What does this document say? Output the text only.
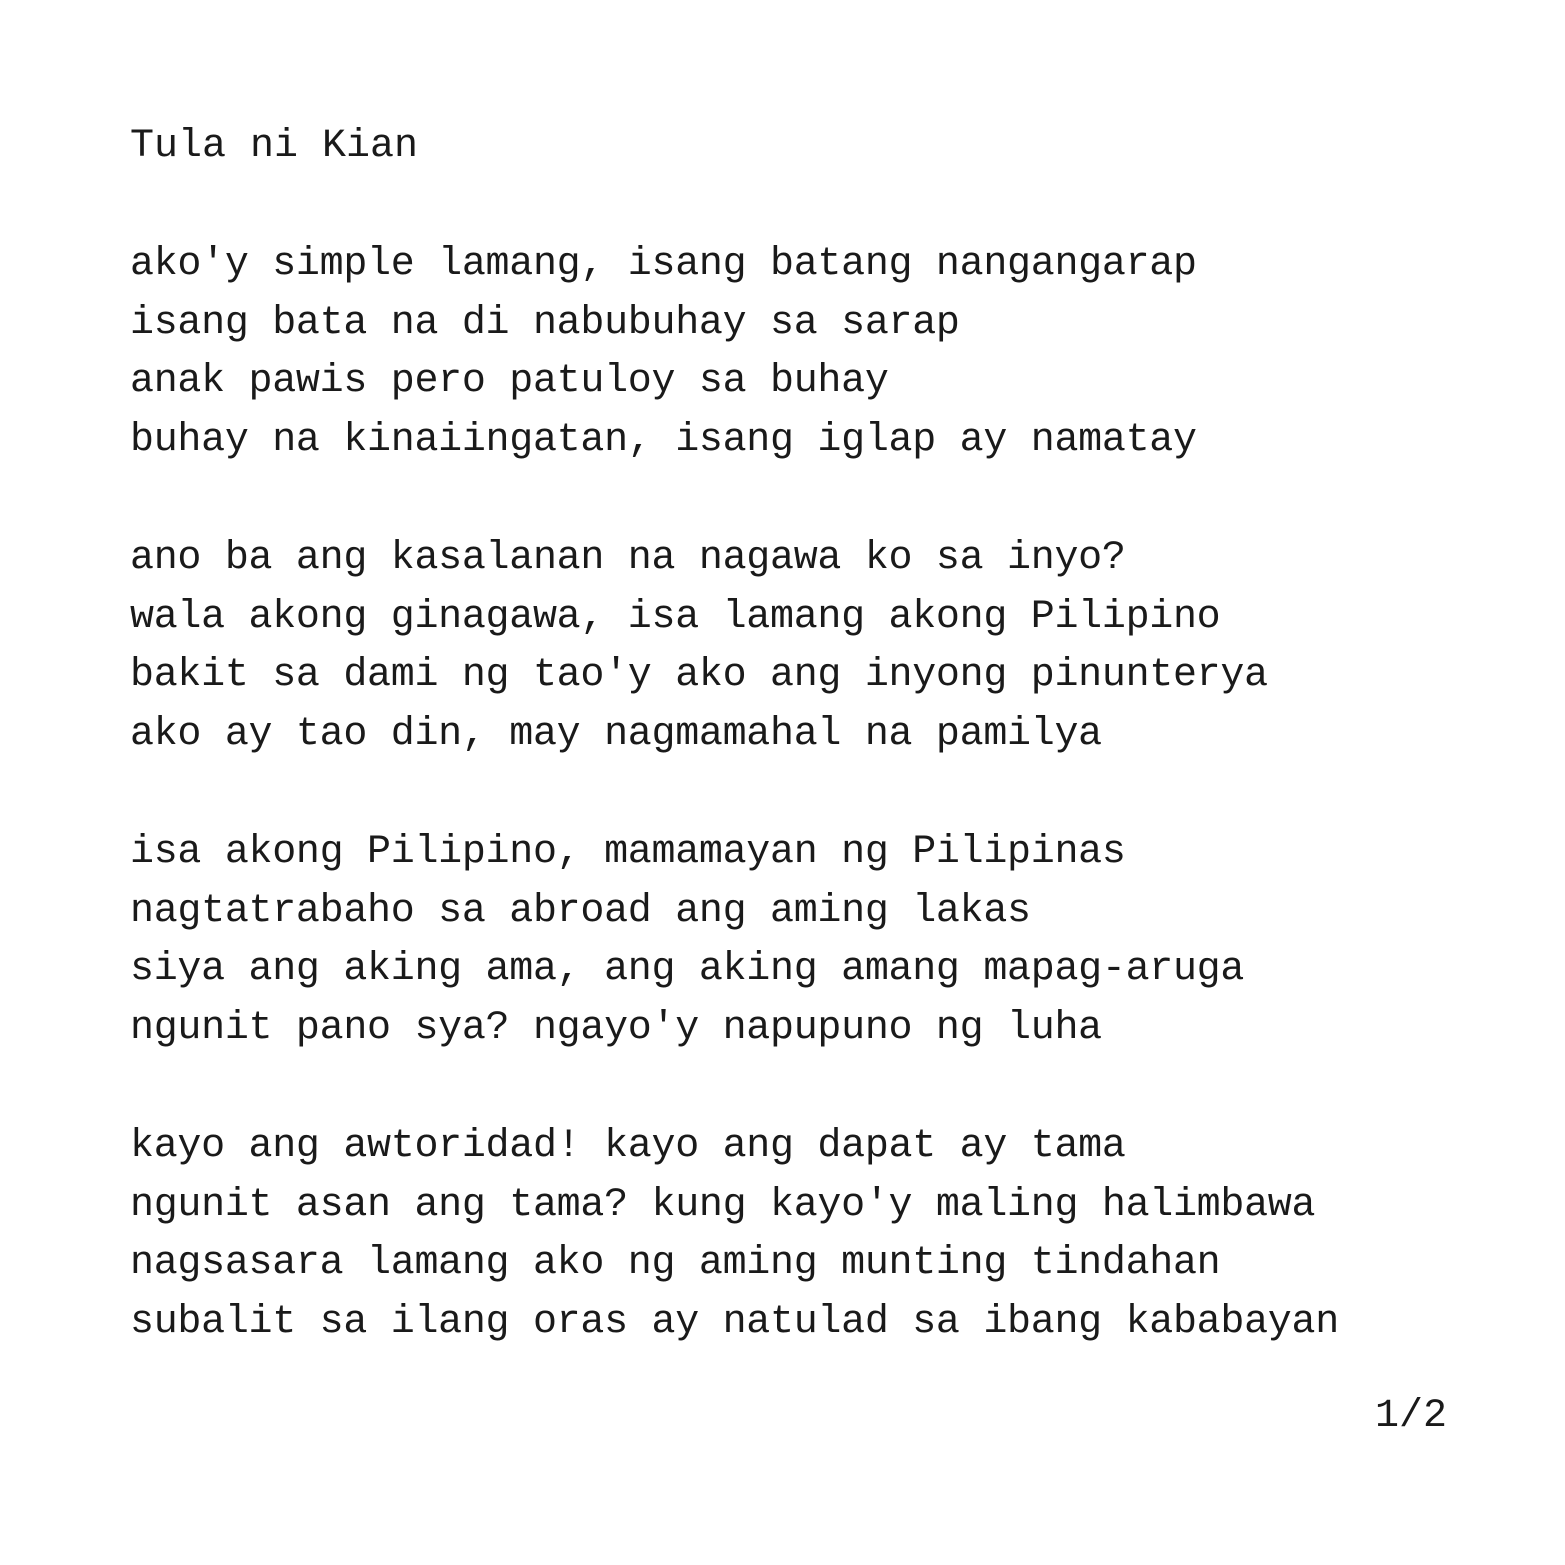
Tula ni Kian
ako'y simple lamang, isang batang nangangarap
isang bata na di nabubuhay sa sarap
anak pawis pero patuloy sa buhay
buhay na kinaiingatan, isang iglap ay namatay
ano ba ang kasalanan na nagawa ko sa inyo?
wala akong ginagawa, isa lamang akong Pilipino
bakit sa dami ng tao'y ako ang inyong pinunterya
ako ay tao din, may nagmamahal na pamilya
isa akong Pilipino, mamamayan ng Pilipinas
nagtatrabaho sa abroad ang aming lakas
siya ang aking ama, ang aking amang mapag-aruga
ngunit pano sya? ngayo'y napupuno ng luha
kayo ang awtoridad! kayo ang dapat ay tama
ngunit asan ang tama? kung kayo'y maling halimbawa
nagsasara lamang ako ng aming munting tindahan
subalit sa ilang oras ay natulad sa ibang kababayan
1/2
